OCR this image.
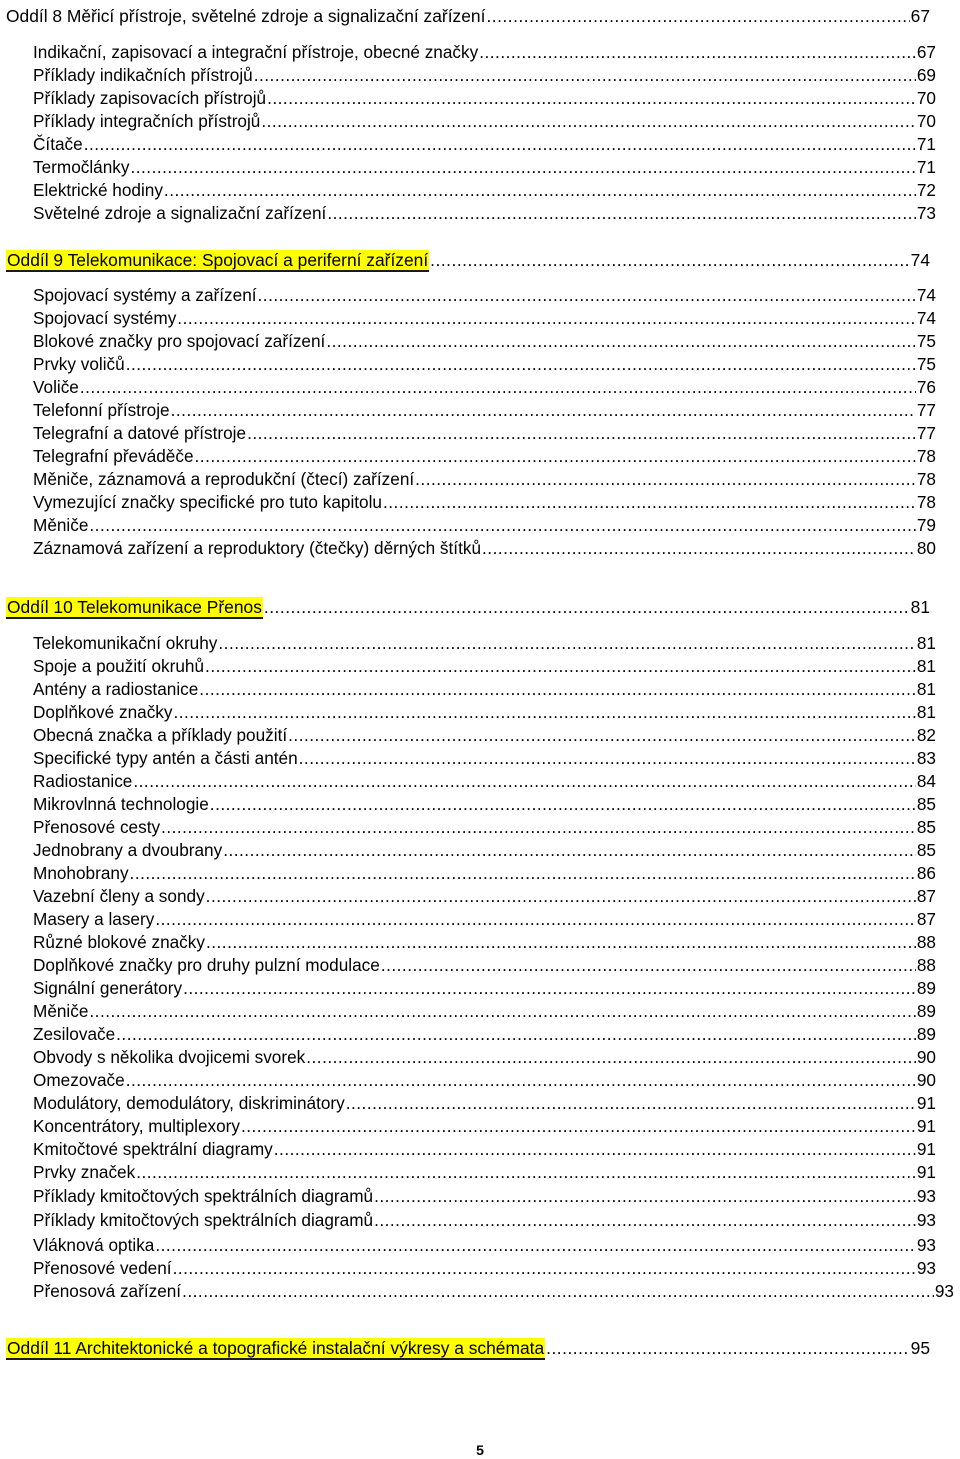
Oddíl 8 Měřicí přístroje, světelné zdroje a signalizační zařízení .....	67
Indikační, zapisovací a integrační přístroje, obecné značky .....	67
Příklady indikačních přístrojů .....	69
Příklady zapisovacích přístrojů .....	70
Příklady integračních přístrojů .....	70
Čítače .....	71
Termočlánky .....	71
Elektrické hodiny .....	72
Světelné zdroje a signalizační zařízení .....	73
Oddíl 9 Telekomunikace: Spojovací a periferní zařízení .....	74
Spojovací systémy a zařízení .....	74
Spojovací systémy .....	74
Blokové značky pro spojovací zařízení .....	75
Prvky voličů .....	75
Voliče .....	76
Telefonní přístroje .....	77
Telegrafní a datové přístroje .....	77
Telegrafní převáděče .....	78
Měniče, záznamová a reprodukční (čtecí) zařízení .....	78
Vymezující značky specifické pro tuto kapitolu .....	78
Měniče .....	79
Záznamová zařízení a reproduktory (čtečky) děrných štítků .....	80
Oddíl 10 Telekomunikace Přenos .....	81
Telekomunikační okruhy .....	81
Spoje a použití okruhů .....	81
Antény a radiostanice .....	81
Doplňkové značky .....	81
Obecná značka a příklady použití .....	82
Specifické typy antén a části antén .....	83
Radiostanice .....	84
Mikrovlnná technologie .....	85
Přenosové cesty .....	85
Jednobrany a dvoubrany .....	85
Mnohobrany .....	86
Vazební členy a sondy .....	87
Masery a lasery .....	87
Různé blokové značky .....	88
Doplňkové značky pro druhy pulzní modulace .....	88
Signální generátory .....	89
Měniče .....	89
Zesilovače .....	89
Obvody s několika dvojicemi svorek .....	90
Omezovače .....	90
Modulátory, demodulátory, diskriminátory .....	91
Koncentrátory, multiplexory .....	91
Kmitočtové spektrální diagramy .....	91
Prvky značek .....	91
Příklady kmitočtových spektrálních diagramů .....	93
Příklady kmitočtových spektrálních diagramů .....	93
Vláknová optika .....	93
Přenosové vedení .....	93
Přenosová zařízení .....	93
Oddíl 11 Architektonické a topografické instalační výkresy a schémata .....	95
5
